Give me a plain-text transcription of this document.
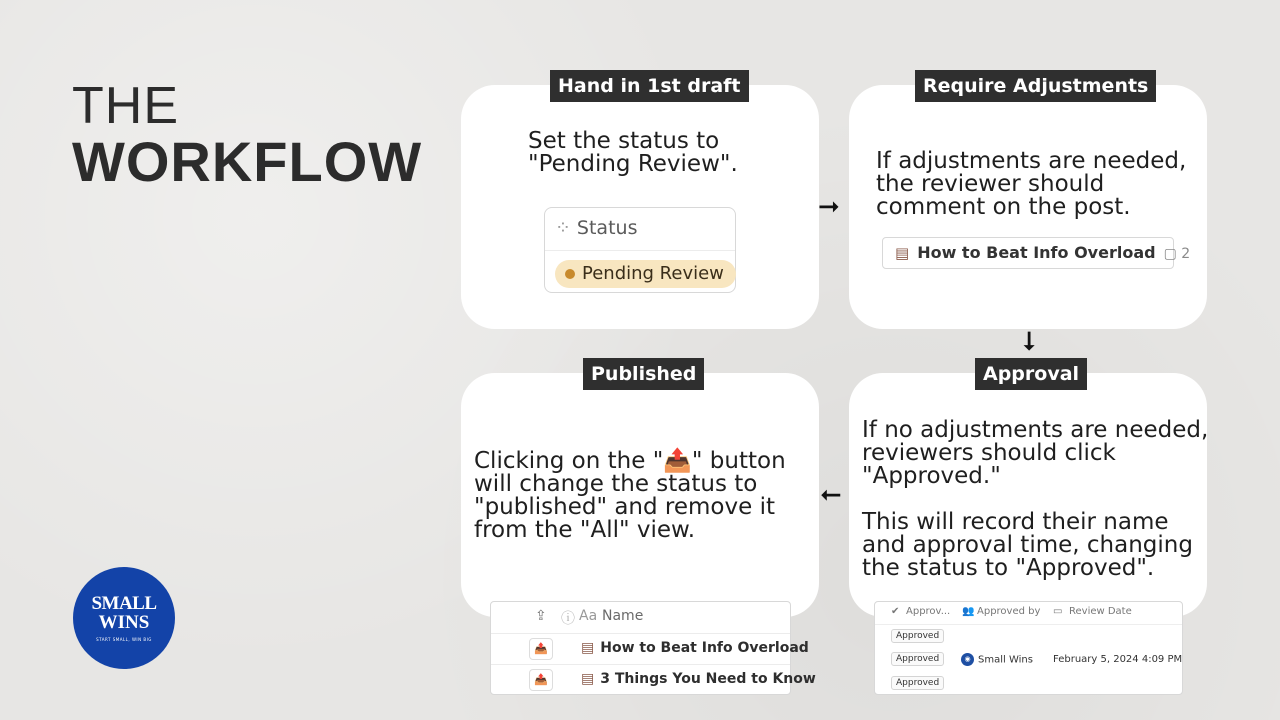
THE
WORKFLOW
Hand in 1st draft
Set the status to
"Pending Review".
⁘ Status
Pending Review
Require Adjustments
If adjustments are needed,
the reviewer should
comment on the post.
▤ How to Beat Info Overload ▢ 2
➞
➞
➞
Approval
If no adjustments are needed,
reviewers should click
"Approved."
This will record their name
and approval time, changing
the status to "Approved".
Published
Clicking on the "📤" button
will change the status to
"published" and remove it
from the "All" view.
⇪ ⓘ Aa Name
📤	▤ How to Beat Info Overload
📤	▤ 3 Things You Need to Know
✔ Approv... 👥 Approved by ▭ Review Date
Approved
Approved	◉ Small Wins February 5, 2024 4:09 PM
Approved
SMALL
WINS
START SMALL, WIN BIG
